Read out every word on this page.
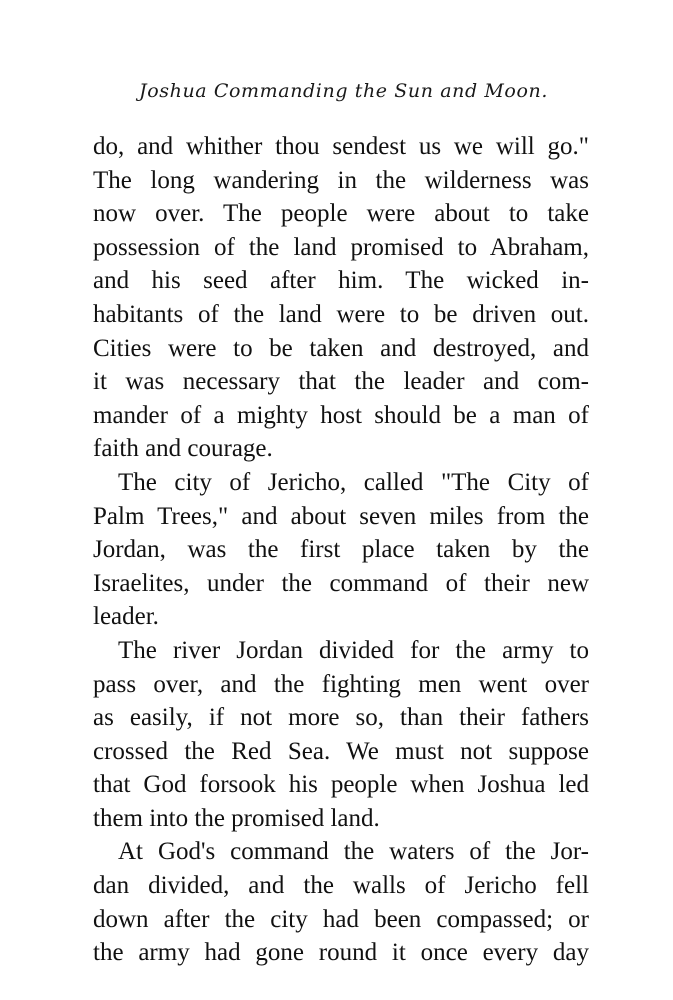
Joshua Commanding the Sun and Moon.
do, and whither thou sendest us we will go."
The long wandering in the wilderness was
now over. The people were about to take
possession of the land promised to Abraham,
and his seed after him. The wicked in-
habitants of the land were to be driven out.
Cities were to be taken and destroyed, and
it was necessary that the leader and com-
mander of a mighty host should be a man of
faith and courage.
The city of Jericho, called "The City of
Palm Trees," and about seven miles from the
Jordan, was the first place taken by the
Israelites, under the command of their new
leader.
The river Jordan divided for the army to
pass over, and the fighting men went over
as easily, if not more so, than their fathers
crossed the Red Sea. We must not suppose
that God forsook his people when Joshua led
them into the promised land.
At God's command the waters of the Jor-
dan divided, and the walls of Jericho fell
down after the city had been compassed; or
the army had gone round it once every day
